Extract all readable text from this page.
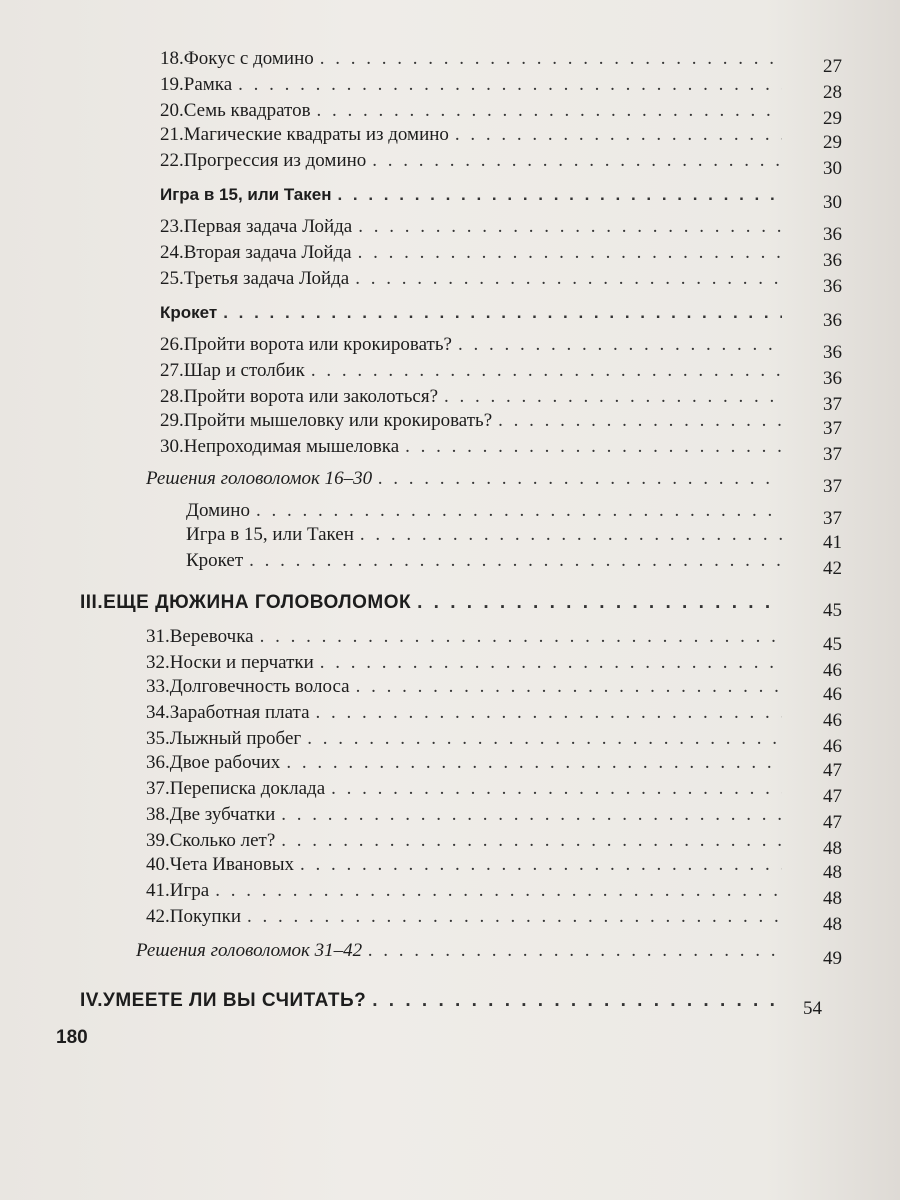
18. Фокус с домино . . .	27
19. Рамка . . .	28
20. Семь квадратов . . .	29
21. Магические квадраты из домино . . .	29
22. Прогрессия из домино . . .	30
Игра в 15, или Такен . . .	30
23. Первая задача Лойда . . .	36
24. Вторая задача Лойда . . .	36
25. Третья задача Лойда . . .	36
Крокет . . .	36
26. Пройти ворота или крокировать? . . .	36
27. Шар и столбик . . .	36
28. Пройти ворота или заколоться? . . .	37
29. Пройти мышеловку или крокировать? . . .	37
30. Непроходимая мышеловка . . .	37
Решения головоломок 16–30 . . .	37
Домино . . .	37
Игра в 15, или Такен . . .	41
Крокет . . .	42
III. ЕЩЕ ДЮЖИНА ГОЛОВОЛОМОК . . .	45
31. Веревочка . . .	45
32. Носки и перчатки . . .	46
33. Долговечность волоса . . .	46
34. Заработная плата . . .	46
35. Лыжный пробег . . .	46
36. Двое рабочих . . .	47
37. Переписка доклада . . .	47
38. Две зубчатки . . .	47
39. Сколько лет? . . .	48
40. Чета Ивановых . . .	48
41. Игра . . .	48
42. Покупки . . .	48
Решения головоломок 31–42 . . .	49
IV. УМЕЕТЕ ЛИ ВЫ СЧИТАТЬ? . . .	54
180
